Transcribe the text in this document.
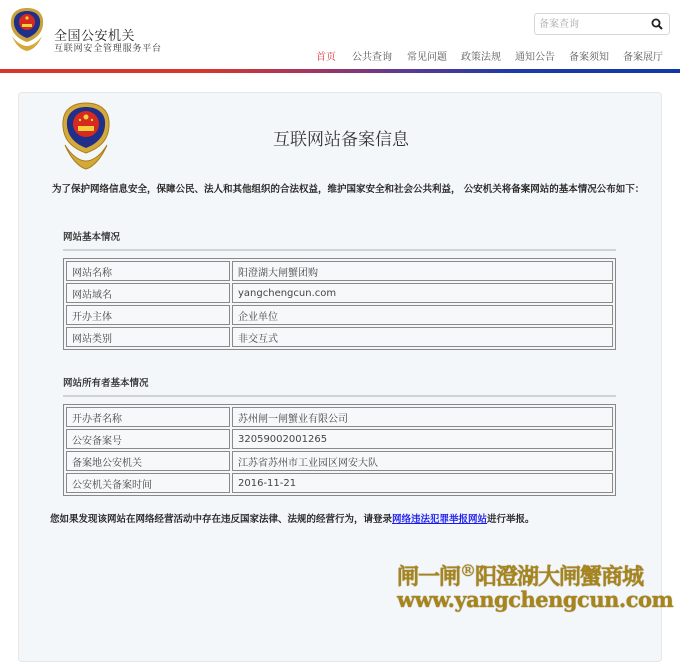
全国公安机关
互联网安全管理服务平台
备案查询
首页 公共查询 常见问题 政策法规 通知公告 备案须知 备案展厅
互联网站备案信息
为了保护网络信息安全，保障公民、法人和其他组织的合法权益，维护国家安全和社会公共利益， 公安机关将备案网站的基本情况公布如下：
网站基本情况
网站名称	阳澄湖大闸蟹团购
网站域名	yangchengcun.com
开办主体	企业单位
网站类别	非交互式
网站所有者基本情况
开办者名称	苏州闸一闸蟹业有限公司
公安备案号	32059002001265
备案地公安机关	江苏省苏州市工业园区网安大队
公安机关备案时间	2016-11-21
您如果发现该网站在网络经营活动中存在违反国家法律、法规的经营行为，请登录网络违法犯罪举报网站进行举报。
闸一闸®阳澄湖大闸蟹商城
www.yangchengcun.com
